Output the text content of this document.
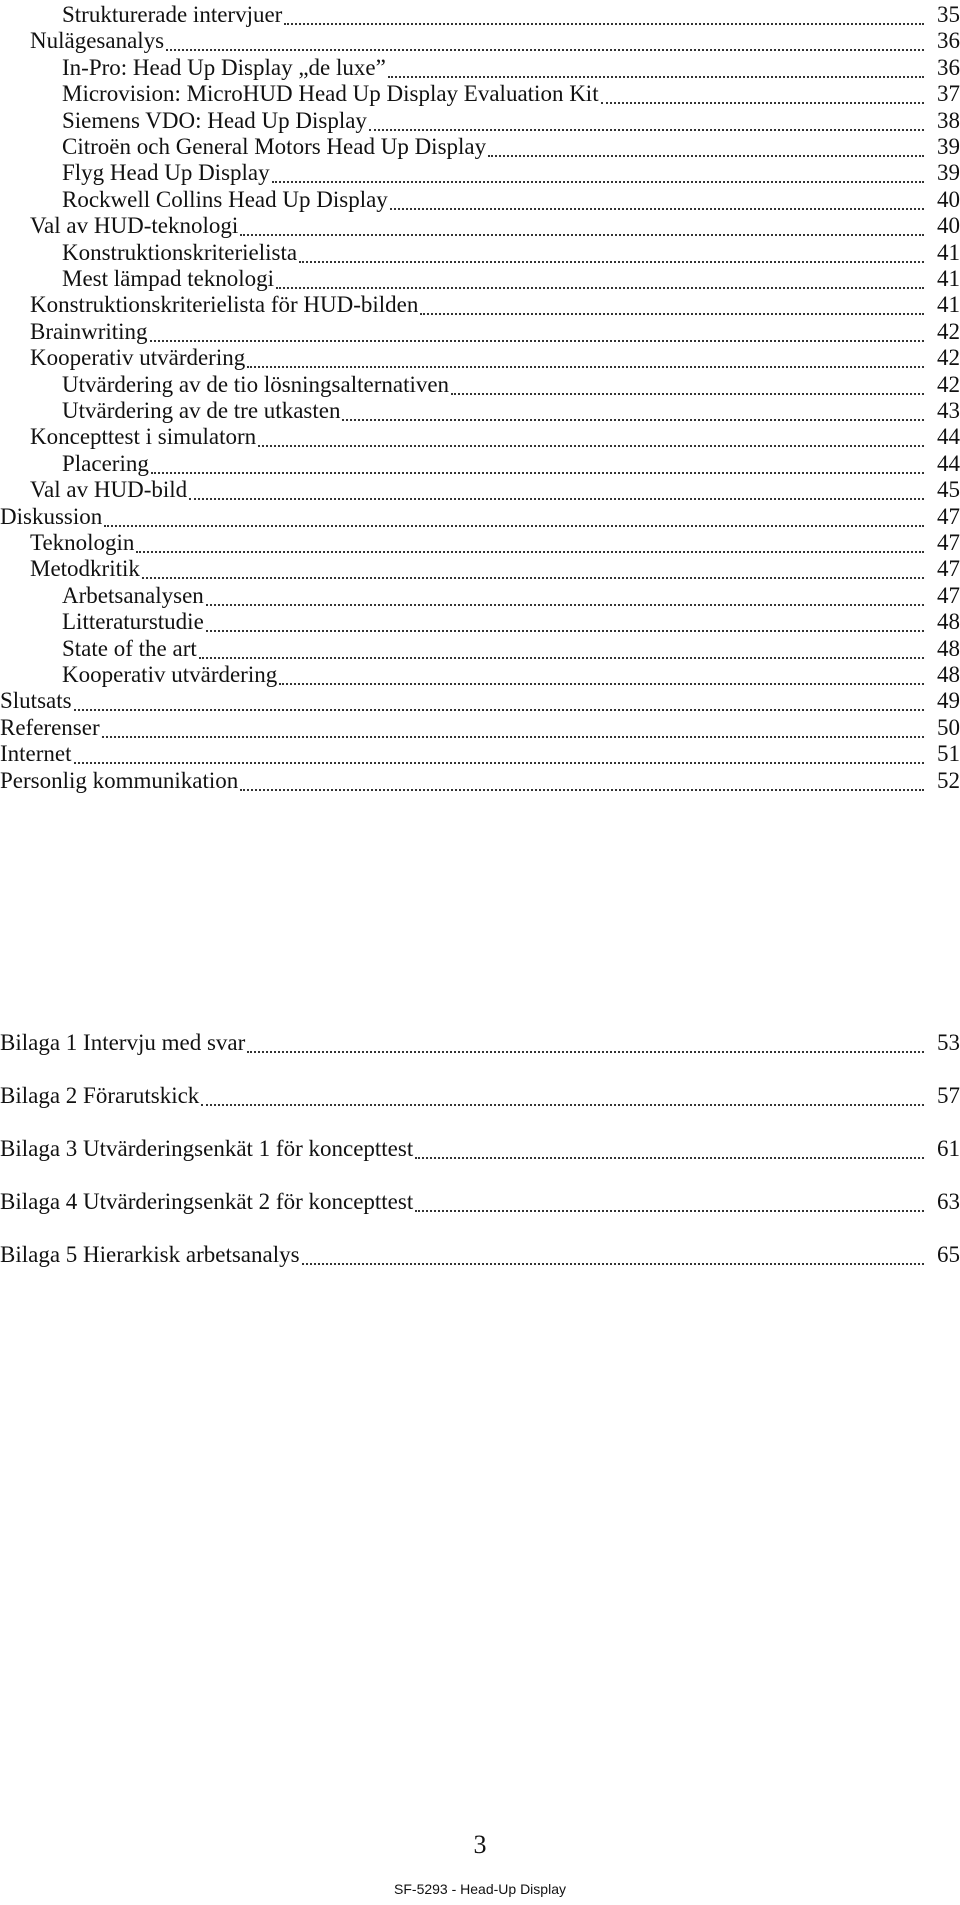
Strukturerade intervjuer	35
Nulägesanalys	36
In-Pro: Head Up Display „de luxe”	36
Microvision: MicroHUD Head Up Display Evaluation Kit	37
Siemens VDO: Head Up Display	38
Citroën och General Motors Head Up Display	39
Flyg Head Up Display	39
Rockwell Collins Head Up Display	40
Val av HUD-teknologi	40
Konstruktionskriterielista	41
Mest lämpad teknologi	41
Konstruktionskriterielista för HUD-bilden	41
Brainwriting	42
Kooperativ utvärdering	42
Utvärdering av de tio lösningsalternativen	42
Utvärdering av de tre utkasten	43
Koncepttest i simulatorn	44
Placering	44
Val av HUD-bild	45
Diskussion	47
Teknologin	47
Metodkritik	47
Arbetsanalysen	47
Litteraturstudie	48
State of the art	48
Kooperativ utvärdering	48
Slutsats	49
Referenser	50
Internet	51
Personlig kommunikation	52
Bilaga 1 Intervju med svar	53
Bilaga 2 Förarutskick	57
Bilaga 3 Utvärderingsenkät 1 för koncepttest	61
Bilaga 4 Utvärderingsenkät 2 för koncepttest	63
Bilaga 5 Hierarkisk arbetsanalys	65
3
SF-5293 - Head-Up Display
